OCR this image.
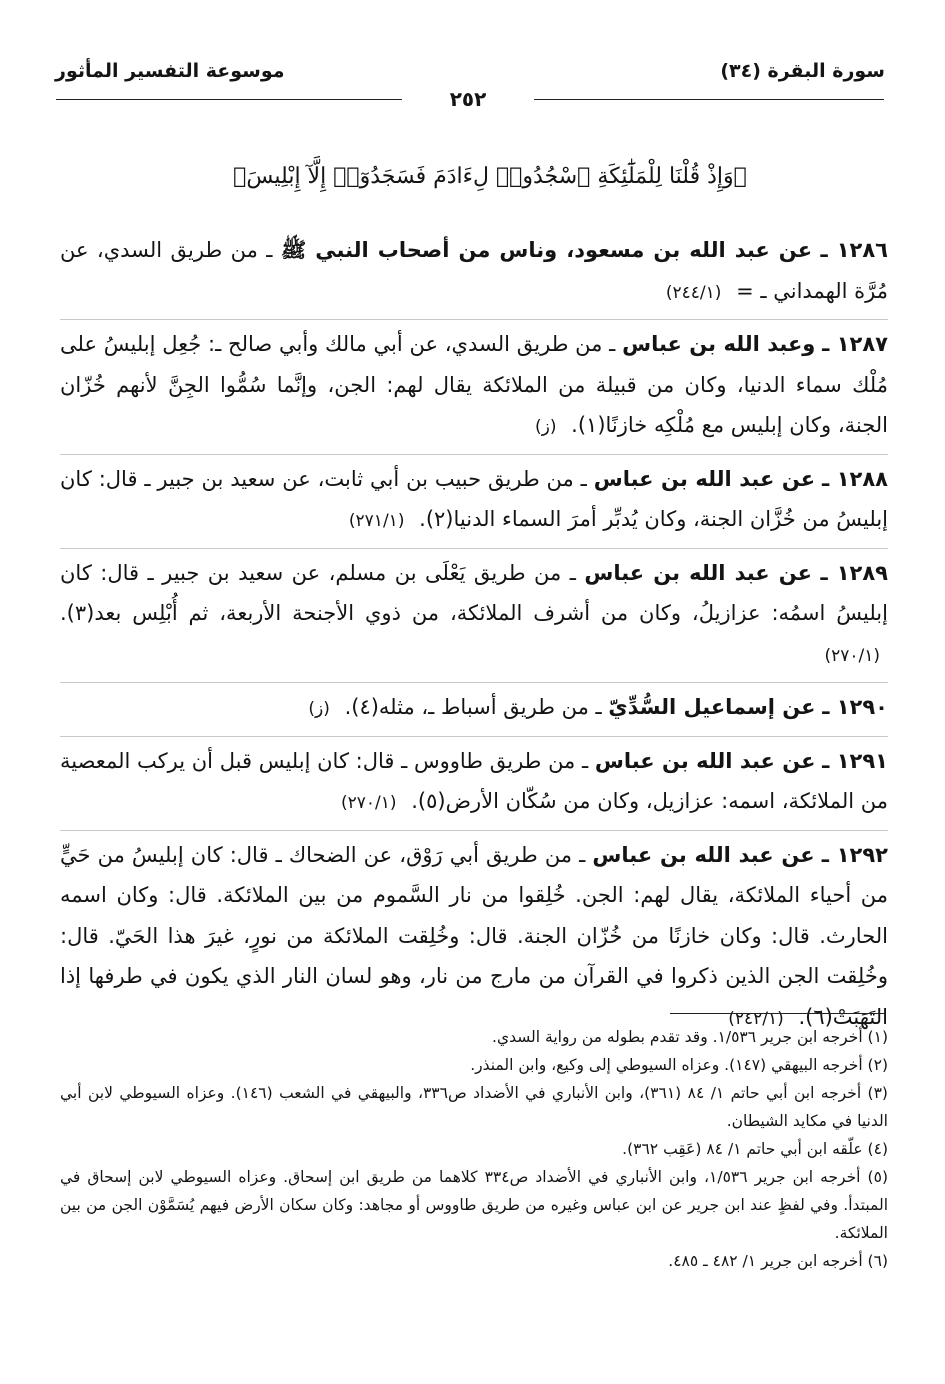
سورة البقرة (٣٤)
موسوعة التفسير المأثور
٢٥٢
﴿وَإِذْ قُلْنَا لِلْمَلَٰٓئِكَةِ ٱسْجُدُوا۟ لِءَادَمَ فَسَجَدُوٓا۟ إِلَّآ إِبْلِيسَ﴾
١٢٨٦ ـ عن عبد الله بن مسعود، وناس من أصحاب النبي ﷺ ـ من طريق السدي، عن مُرَّة الهمداني ـ = (٢٤٤/١)
١٢٨٧ ـ وعبد الله بن عباس ـ من طريق السدي، عن أبي مالك وأبي صالح ـ: جُعِل إبليسُ على مُلْك سماء الدنيا، وكان من قبيلة من الملائكة يقال لهم: الجن، وإنَّما سُمُّوا الجِنَّ لأنهم خُزّان الجنة، وكان إبليس مع مُلْكِه خازنًا(١). (ز)
١٢٨٨ ـ عن عبد الله بن عباس ـ من طريق حبيب بن أبي ثابت، عن سعيد بن جبير ـ قال: كان إبليسُ من خُزَّان الجنة، وكان يُدبِّر أمرَ السماء الدنيا(٢). (٢٧١/١)
١٢٨٩ ـ عن عبد الله بن عباس ـ من طريق يَعْلَى بن مسلم، عن سعيد بن جبير ـ قال: كان إبليسُ اسمُه: عزازيلُ، وكان من أشرف الملائكة، من ذوي الأجنحة الأربعة، ثم أُبْلِس بعد(٣). (٢٧٠/١)
١٢٩٠ ـ عن إسماعيل السُّدِّيّ ـ من طريق أسباط ـ، مثله(٤). (ز)
١٢٩١ ـ عن عبد الله بن عباس ـ من طريق طاووس ـ قال: كان إبليس قبل أن يركب المعصية من الملائكة، اسمه: عزازيل، وكان من سُكّان الأرض(٥). (٢٧٠/١)
١٢٩٢ ـ عن عبد الله بن عباس ـ من طريق أبي رَوْق، عن الضحاك ـ قال: كان إبليسُ من حَيٍّ من أحياء الملائكة، يقال لهم: الجن. خُلِقوا من نار السَّموم من بين الملائكة. قال: وكان اسمه الحارث. قال: وكان خازنًا من خُزّان الجنة. قال: وخُلِقت الملائكة من نورٍ، غيرَ هذا الحَيّ. قال: وخُلِقت الجن الذين ذكروا في القرآن من مارج من نار، وهو لسان النار الذي يكون في طرفها إذا التَهَبَتْ(٦). (٢٤٢/١)
(١) أخرجه ابن جرير ١/٥٣٦. وقد تقدم بطوله من رواية السدي.
(٢) أخرجه البيهقي (١٤٧). وعزاه السيوطي إلى وكيع، وابن المنذر.
(٣) أخرجه ابن أبي حاتم ١/ ٨٤ (٣٦١)، وابن الأنباري في الأضداد ص٣٣٦، والبيهقي في الشعب (١٤٦). وعزاه السيوطي لابن أبي الدنيا في مكايد الشيطان.
(٤) علّقه ابن أبي حاتم ١/ ٨٤ (عَقِب ٣٦٢).
(٥) أخرجه ابن جرير ١/٥٣٦، وابن الأنباري في الأضداد ص٣٣٤ كلاهما من طريق ابن إسحاق. وعزاه السيوطي لابن إسحاق في المبتدأ. وفي لفظٍ عند ابن جرير عن ابن عباس وغيره من طريق طاووس أو مجاهد: وكان سكان الأرض فيهم يُسَمَّوْن الجن من بين الملائكة.
(٦) أخرجه ابن جرير ١/ ٤٨٢ ـ ٤٨٥.
